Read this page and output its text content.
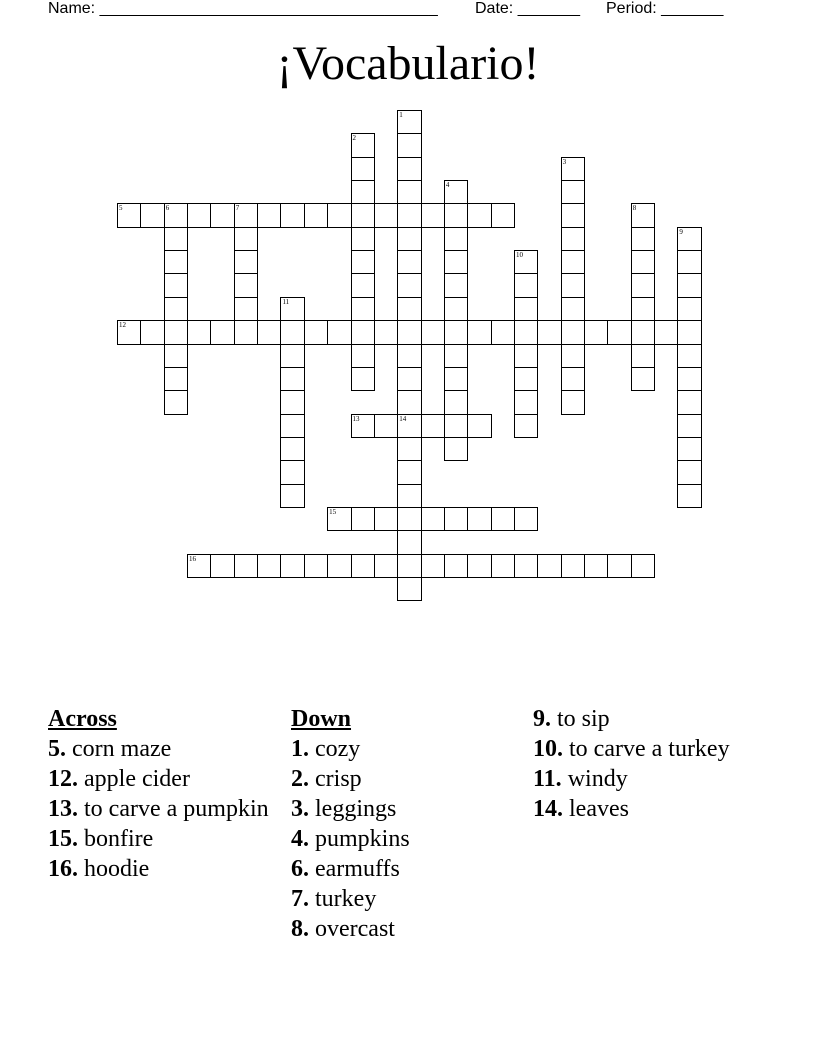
Name: ______________________________________ Date: _______ Period: _______
¡Vocabulario!
1
14
2
3
4
5	6	7	8
9
10
11
12
13
15
16
Across
5. corn maze
12. apple cider
13. to carve a pumpkin
15. bonfire
16. hoodie
Down
1. cozy
2. crisp
3. leggings
4. pumpkins
6. earmuffs
7. turkey
8. overcast
9. to sip
10. to carve a turkey
11. windy
14. leaves
